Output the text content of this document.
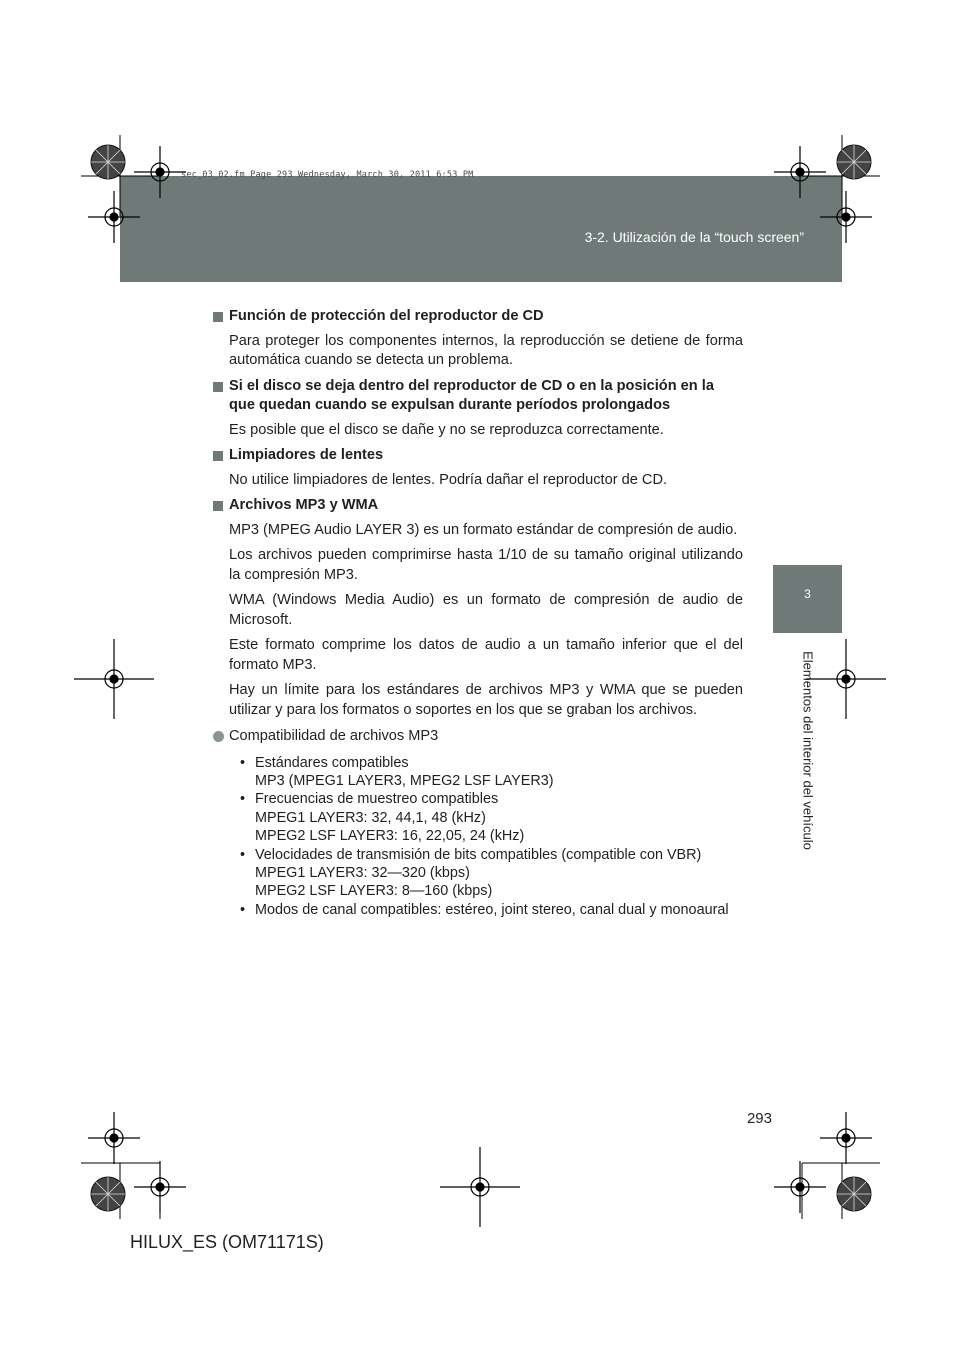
3-2. Utilización de la “touch screen”
3
Elementos del interior del vehículo
sec_03_02.fm Page 293 Wednesday, March 30, 2011 6:53 PM
Función de protección del reproductor de CD

Para proteger los componentes internos, la reproducción se detiene de forma automática cuando se detecta un problema.

Si el disco se deja dentro del reproductor de CD o en la posición en la que quedan cuando se expulsan durante períodos prolongados

Es posible que el disco se dañe y no se reproduzca correctamente.

Limpiadores de lentes

No utilice limpiadores de lentes. Podría dañar el reproductor de CD.

Archivos MP3 y WMA

MP3 (MPEG Audio LAYER 3) es un formato estándar de compresión de audio.

Los archivos pueden comprimirse hasta 1/10 de su tamaño original utilizando la compresión MP3.

WMA (Windows Media Audio) es un formato de compresión de audio de Microsoft.

Este formato comprime los datos de audio a un tamaño inferior que el del formato MP3.

Hay un límite para los estándares de archivos MP3 y WMA que se pueden utilizar y para los formatos o soportes en los que se graban los archivos.

Compatibilidad de archivos MP3
• Estándares compatibles
MP3 (MPEG1 LAYER3, MPEG2 LSF LAYER3)
• Frecuencias de muestreo compatibles
MPEG1 LAYER3: 32, 44,1, 48 (kHz)
MPEG2 LSF LAYER3: 16, 22,05, 24 (kHz)
• Velocidades de transmisión de bits compatibles (compatible con VBR)
MPEG1 LAYER3: 32—320 (kbps)
MPEG2 LSF LAYER3: 8—160 (kbps)
• Modos de canal compatibles: estéreo, joint stereo, canal dual y monoaural
293
HILUX_ES (OM71171S)
